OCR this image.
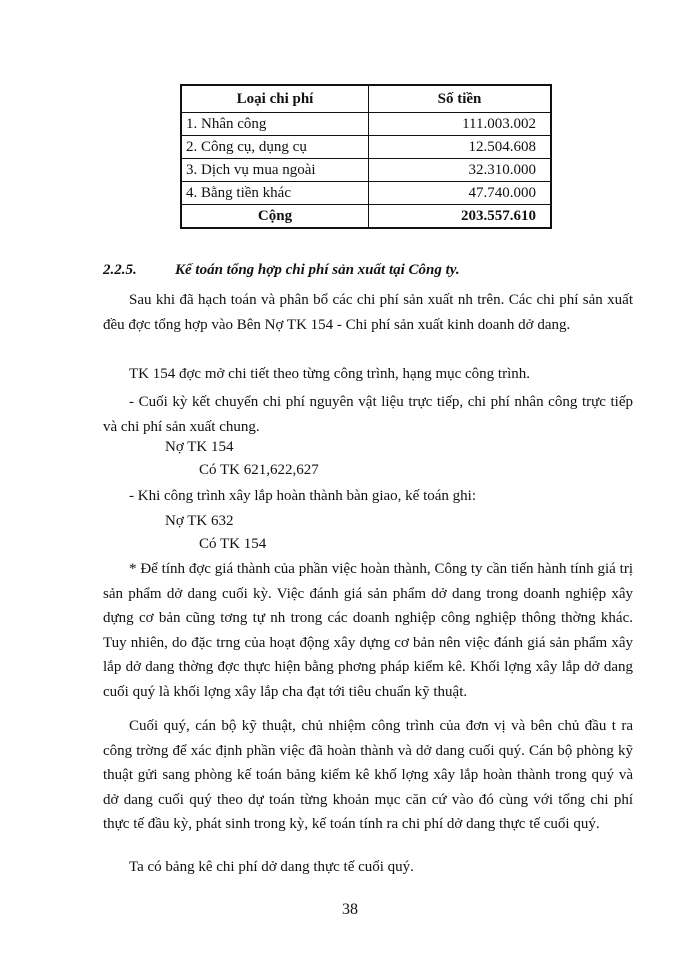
Loại chi phí	Số tiền
1. Nhân công	111.003.002
2. Công cụ, dụng cụ	12.504.608
3. Dịch vụ mua ngoài	32.310.000
4. Bằng tiền khác	47.740.000
Cộng	203.557.610
2.2.5.	Kế toán tổng hợp chi phí sản xuất tại Công ty.
Sau khi đã hạch toán và phân bổ các chi phí sản xuất nh trên. Các chi phí sản xuất đều đợc tổng hợp vào Bên Nợ TK 154 - Chi phí sản xuất kinh doanh dở dang.
TK 154 đợc mở chi tiết theo từng công trình, hạng mục công trình.
- Cuối kỳ kết chuyển chi phí nguyên vật liệu trực tiếp, chi phí nhân công trực tiếp và chi phí sản xuất chung.
Nợ TK 154
Có TK 621,622,627
- Khi công trình xây lắp hoàn thành bàn giao, kế toán ghi:
Nợ TK 632
Có TK 154
* Để tính đợc giá thành của phần việc hoàn thành, Công ty cần tiến hành tính giá trị sản phẩm dở dang cuối kỳ. Việc đánh giá sản phẩm dở dang trong doanh nghiệp xây dựng cơ bản cũng tơng tự nh trong các doanh nghiệp công nghiệp thông thờng khác. Tuy nhiên, do đặc trng của hoạt động xây dựng cơ bản nên việc đánh giá sản phẩm xây lắp dở dang thờng đợc thực hiện bằng phơng pháp kiểm kê. Khối lợng xây lắp dở dang cuối quý là khối lợng xây lắp cha đạt tới tiêu chuẩn kỹ thuật.
Cuối quý, cán bộ kỹ thuật, chủ nhiệm công trình của đơn vị và bên chủ đầu t ra công trờng để xác định phần việc đã hoàn thành và dở dang cuối quý. Cán bộ phòng kỹ thuật gửi sang phòng kế toán bảng kiểm kê khố lợng xây lắp hoàn thành trong quý và dở dang cuối quý theo dự toán từng khoản mục căn cứ vào đó cùng với tổng chi phí thực tế đầu kỳ, phát sinh trong kỳ, kế toán tính ra chi phí dở dang thực tế cuối quý.
Ta có bảng kê chi phí dở dang thực tế cuối quý.
38
